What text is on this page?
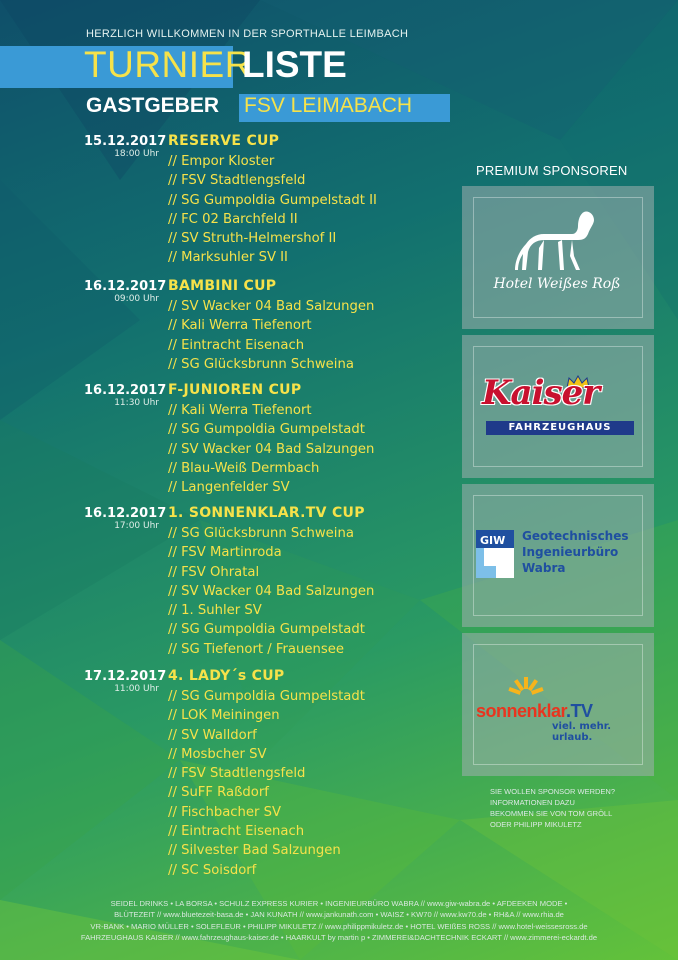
HERZLICH WILLKOMMEN IN DER SPORTHALLE LEIMBACH
TURNIER
LISTE
GASTGEBER FSV LEIMABACH
15.12.2017
18:00 Uhr
RESERVE CUP
// Empor Kloster
// FSV Stadtlengsfeld
// SG Gumpoldia Gumpelstadt II
// FC 02 Barchfeld II
// SV Struth-Helmershof II
// Marksuhler SV II
16.12.2017
09:00 Uhr
BAMBINI CUP
// SV Wacker 04 Bad Salzungen
// Kali Werra Tiefenort
// Eintracht Eisenach
// SG Glücksbrunn Schweina
16.12.2017
11:30 Uhr
F-JUNIOREN CUP
// Kali Werra Tiefenort
// SG Gumpoldia Gumpelstadt
// SV Wacker 04 Bad Salzungen
// Blau-Weiß Dermbach
// Langenfelder SV
16.12.2017
17:00 Uhr
1. SONNENKLAR.TV CUP
// SG Glücksbrunn Schweina
// FSV Martinroda
// FSV Ohratal
// SV Wacker 04 Bad Salzungen
// 1. Suhler SV
// SG Gumpoldia Gumpelstadt
// SG Tiefenort / Frauensee
17.12.2017
11:00 Uhr
4. LADY´s CUP
// SG Gumpoldia Gumpelstadt
// LOK Meiningen
// SV Walldorf
// Mosbcher SV
// FSV Stadtlengsfeld
// SuFF Raßdorf
// Fischbacher SV
// Eintracht Eisenach
// Silvester Bad Salzungen
// SC Soisdorf
PREMIUM SPONSOREN
Hotel Weißes Roß
Kaiser
FAHRZEUGHAUS
GIW Geotechnisches
Ingenieurbüro
Wabra
sonnenklar.TV
viel. mehr. urlaub.
SIE WOLLEN SPONSOR WERDEN?
INFORMATIONEN DAZU
BEKOMMEN SIE VON TOM GRÖLL
ODER PHILIPP MIKULETZ
SEIDEL DRINKS • LA BORSA • SCHULZ EXPRESS KURIER • INGENIEURBÜRO WABRA // www.giw-wabra.de • AFDEEKEN MODE •
BLÜTEZEIT // www.bluetezeit-basa.de • JAN KUNATH // www.jankunath.com • WAISZ • KW70 // www.kw70.de • RH&A // www.rhia.de
VR-BANK • MARIO MÜLLER • SOLEFLEUR • PHILIPP MIKULETZ // www.philippmikuletz.de • HOTEL WEIßES ROSS // www.hotel-weissesross.de
FAHRZEUGHAUS KAISER // www.fahrzeughaus-kaiser.de • HAARKULT by martin p • ZIMMEREI&DACHTECHNIK ECKART // www.zimmerei-eckardt.de
